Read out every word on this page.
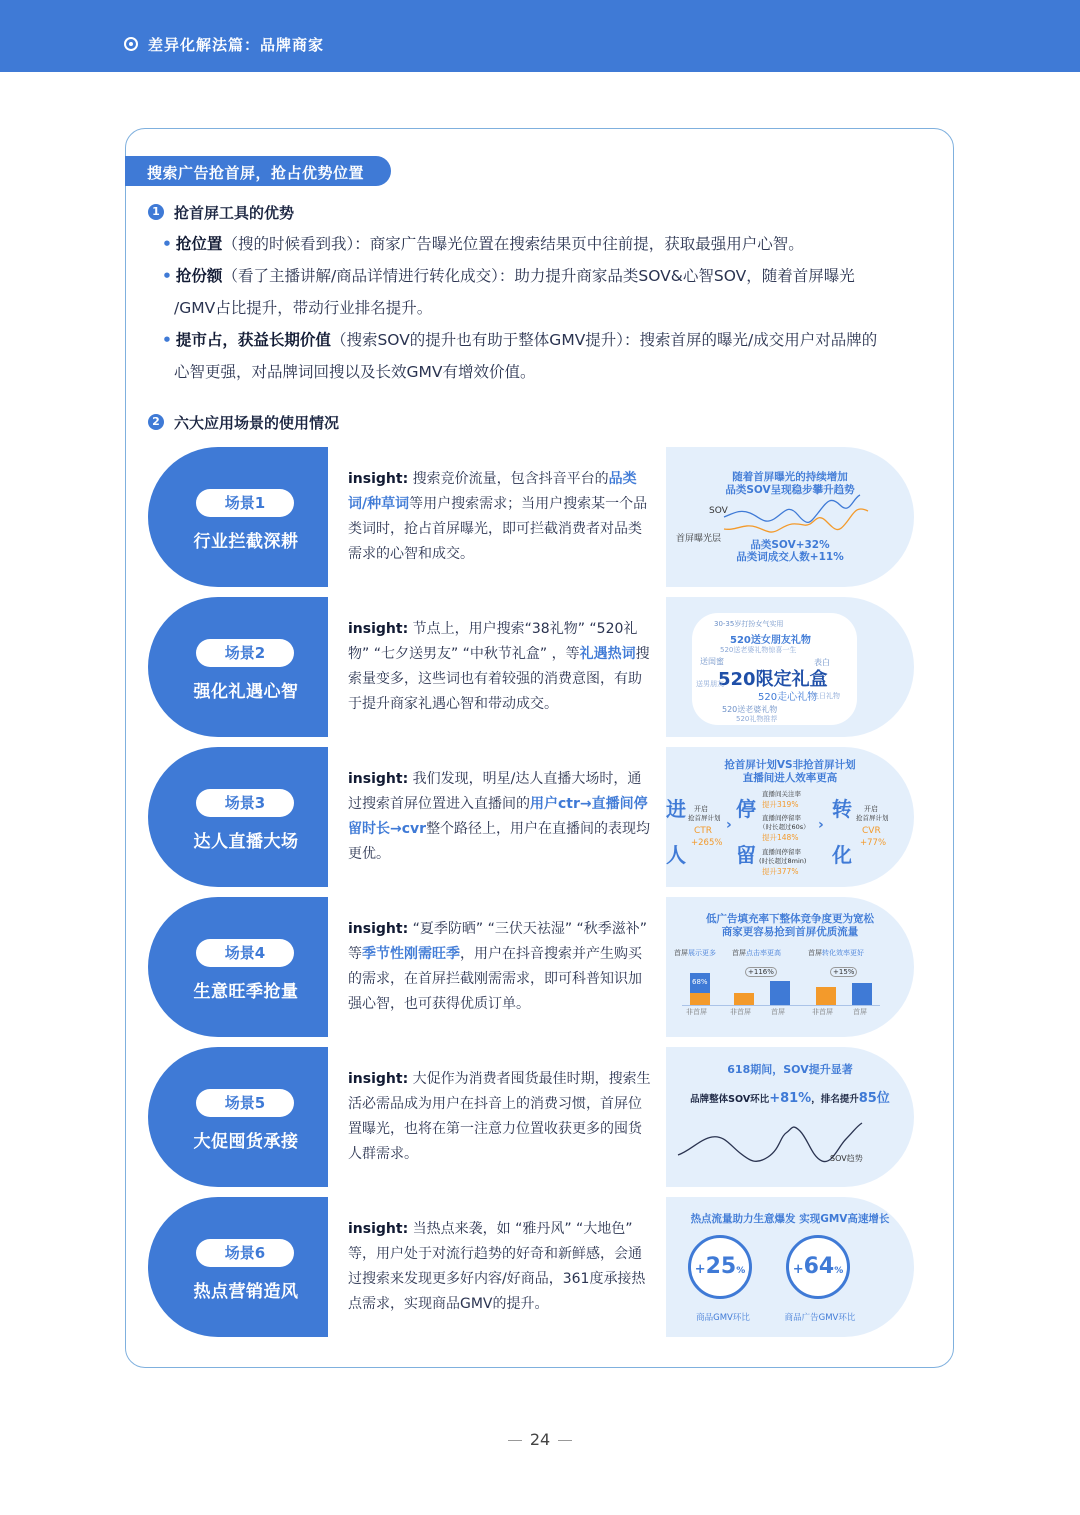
差异化解法篇：品牌商家
搜索广告抢首屏，抢占优势位置
1 抢首屏工具的优势
• 抢位置（搜的时候看到我）：商家广告曝光位置在搜索结果页中往前提，获取最强用户心智。
• 抢份额（看了主播讲解/商品详情进行转化成交）：助力提升商家品类SOV&心智SOV，随着首屏曝光
/GMV占比提升，带动行业排名提升。
• 提市占，获益长期价值（搜索SOV的提升也有助于整体GMV提升）：搜索首屏的曝光/成交用户对品牌的
心智更强，对品牌词回搜以及长效GMV有增效价值。
2 六大应用场景的使用情况
场景1
行业拦截深耕
insight: 搜索竞价流量，包含抖音平台的品类词/种草词等用户搜索需求；当用户搜索某一个品类词时，抢占首屏曝光，即可拦截消费者对品类需求的心智和成交。
随着首屏曝光的持续增加
品类SOV呈现稳步攀升趋势
SOV
首屏曝光层	品类SOV+32%
品类词成交人数+11%
场景2
强化礼遇心智
insight: 节点上，用户搜索“38礼物” “520礼物” “七夕送男友” “中秋节礼盒” ，等礼遇热词搜索量变多，这些词也有着较强的消费意图，有助于提升商家礼遇心智和带动成交。
30-35岁打扮女气实用
520送女朋友礼物
520送老婆礼物惊喜一生
送闺蜜	表白
520限定礼盒
送男朋友
520走心礼物
生日礼物
520送老婆礼物
520礼物推荐
场景3
达人直播大场
insight: 我们发现，明星/达人直播大场时，通过搜索首屏位置进入直播间的用户ctr→直播间停留时长→cvr整个路径上，用户在直播间的表现均更优。
抢首屏计划VS非抢首屏计划
直播间进人效率更高
进
人
开启
抢首屏计划
CTR
+265%
›
停
留
直播间关注率
提升319%
直播间停留率
（时长超过60s）
提升148%
直播间停留率
(时长超过8min)
提升377%
›
转
化
开启
抢首屏计划
CVR
+77%
场景4
生意旺季抢量
insight: “夏季防晒” “三伏天祛湿” “秋季滋补” 等季节性刚需旺季，用户在抖音搜索并产生购买的需求，在首屏拦截刚需需求，即可科普知识加强心智，也可获得优质订单。
低广告填充率下整体竞争度更为宽松
商家更容易抢到首屏优质流量
首屏展示更多 首屏点击率更高	首屏转化效率更好
68%
+116%	+15%
非首屏	非首屏	首屏	非首屏	首屏
场景5
大促囤货承接
insight: 大促作为消费者囤货最佳时期，搜索生活必需品成为用户在抖音上的消费习惯，首屏位置曝光，也将在第一注意力位置收获更多的囤货人群需求。
618期间，SOV提升显著
品牌整体SOV环比+81%，排名提升85位
SOV趋势
场景6
热点营销造风
insight: 当热点来袭，如 “雅丹风” “大地色” 等，用户处于对流行趋势的好奇和新鲜感，会通过搜索来发现更多好内容/好商品，361度承接热点需求，实现商品GMV的提升。
热点流量助力生意爆发 实现GMV高速增长
+25%
商品GMV环比
+64%
商品广告GMV环比
24
